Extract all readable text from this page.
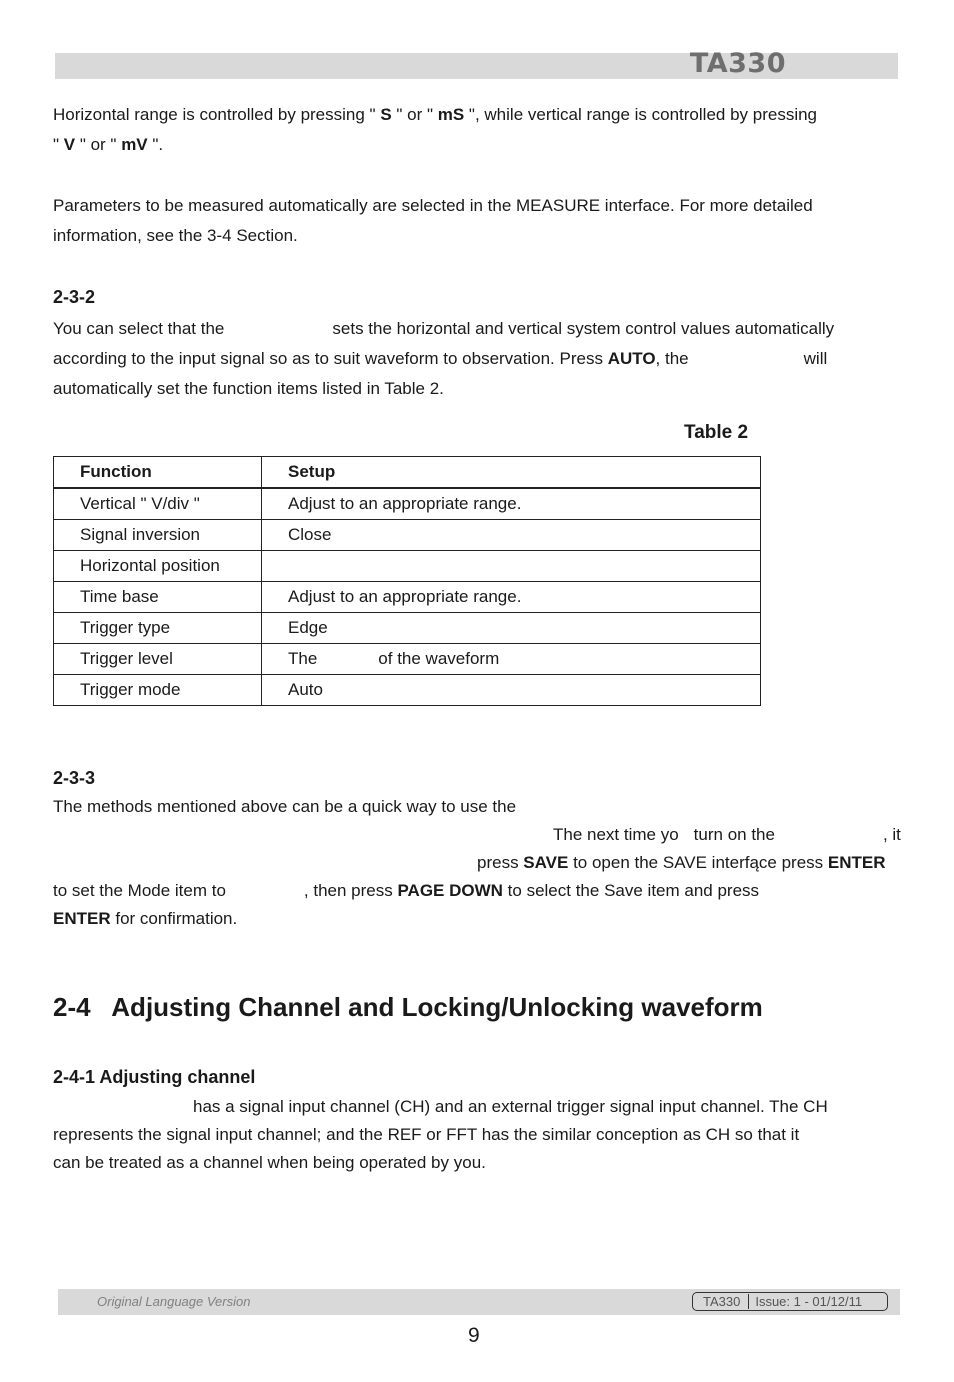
TA330
Horizontal range is controlled by pressing " S " or " mS ", while vertical range is controlled by pressing
" V " or " mV ".
Parameters to be measured automatically are selected in the MEASURE interface. For more detailed
information, see the 3-4 Section.
2-3-2
You can select that the	sets the horizontal and vertical system control values automatically
according to the input signal so as to suit waveform to observation. Press AUTO, the	will
automatically set the function items listed in Table 2.
Table 2
Function	Setup
Vertical " V/div "	Adjust to an appropriate range.
Signal inversion	Close
Horizontal position	
Time base	Adjust to an appropriate range.
Trigger type	Edge
Trigger level	The of the waveform
Trigger mode	Auto
2-3-3
The methods mentioned above can be a quick way to use the
The next time yo turn on the	, it
press SAVE to open the SAVE interfące press ENTER
to set the Mode item to	, then press PAGE DOWN to select the Save item and press
ENTER for confirmation.
2-4   Adjusting Channel and Locking/Unlocking waveform
2-4-1 Adjusting channel
has a signal input channel (CH) and an external trigger signal input channel. The CH
represents the signal input channel; and the REF or FFT has the similar conception as CH so that it
can be treated as a channel when being operated by you.
Original Language Version	TA330	Issue: 1 - 01/12/11
9
